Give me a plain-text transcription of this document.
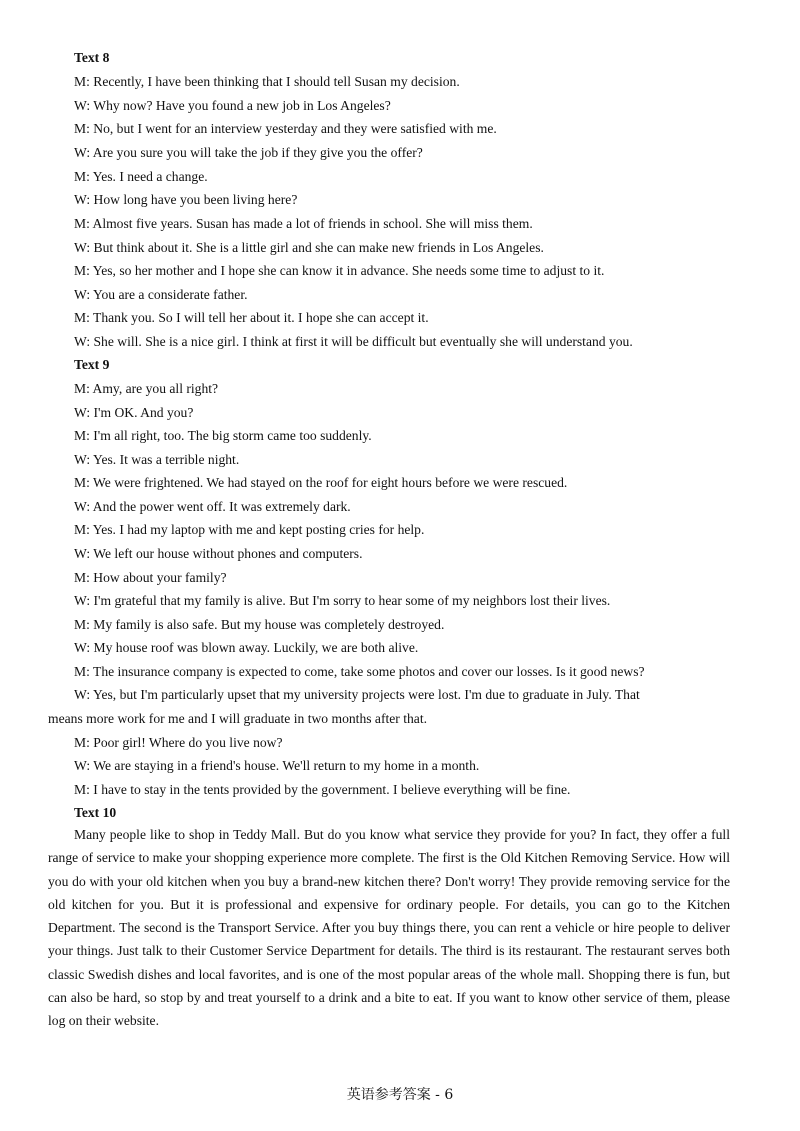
Text 8
M: Recently, I have been thinking that I should tell Susan my decision.
W: Why now? Have you found a new job in Los Angeles?
M: No, but I went for an interview yesterday and they were satisfied with me.
W: Are you sure you will take the job if they give you the offer?
M: Yes. I need a change.
W: How long have you been living here?
M: Almost five years. Susan has made a lot of friends in school. She will miss them.
W: But think about it. She is a little girl and she can make new friends in Los Angeles.
M: Yes, so her mother and I hope she can know it in advance. She needs some time to adjust to it.
W: You are a considerate father.
M: Thank you. So I will tell her about it. I hope she can accept it.
W: She will. She is a nice girl. I think at first it will be difficult but eventually she will understand you.
Text 9
M: Amy, are you all right?
W: I'm OK. And you?
M: I'm all right, too. The big storm came too suddenly.
W: Yes. It was a terrible night.
M: We were frightened. We had stayed on the roof for eight hours before we were rescued.
W: And the power went off. It was extremely dark.
M: Yes. I had my laptop with me and kept posting cries for help.
W: We left our house without phones and computers.
M: How about your family?
W: I'm grateful that my family is alive. But I'm sorry to hear some of my neighbors lost their lives.
M: My family is also safe. But my house was completely destroyed.
W: My house roof was blown away. Luckily, we are both alive.
M: The insurance company is expected to come, take some photos and cover our losses. Is it good news?
W: Yes, but I'm particularly upset that my university projects were lost. I'm due to graduate in July. That
means more work for me and I will graduate in two months after that.
M: Poor girl! Where do you live now?
W: We are staying in a friend's house. We'll return to my home in a month.
M: I have to stay in the tents provided by the government. I believe everything will be fine.
Text 10
Many people like to shop in Teddy Mall. But do you know what service they provide for you? In fact, they offer a full range of service to make your shopping experience more complete. The first is the Old Kitchen Removing Service. How will you do with your old kitchen when you buy a brand-new kitchen there? Don't worry! They provide removing service for the old kitchen for you. But it is professional and expensive for ordinary people. For details, you can go to the Kitchen Department. The second is the Transport Service. After you buy things there, you can rent a vehicle or hire people to deliver your things. Just talk to their Customer Service Department for details. The third is its restaurant. The restaurant serves both classic Swedish dishes and local favorites, and is one of the most popular areas of the whole mall. Shopping there is fun, but can also be hard, so stop by and treat yourself to a drink and a bite to eat. If you want to know other service of them, please log on their website.
英语参考答案 - 6
